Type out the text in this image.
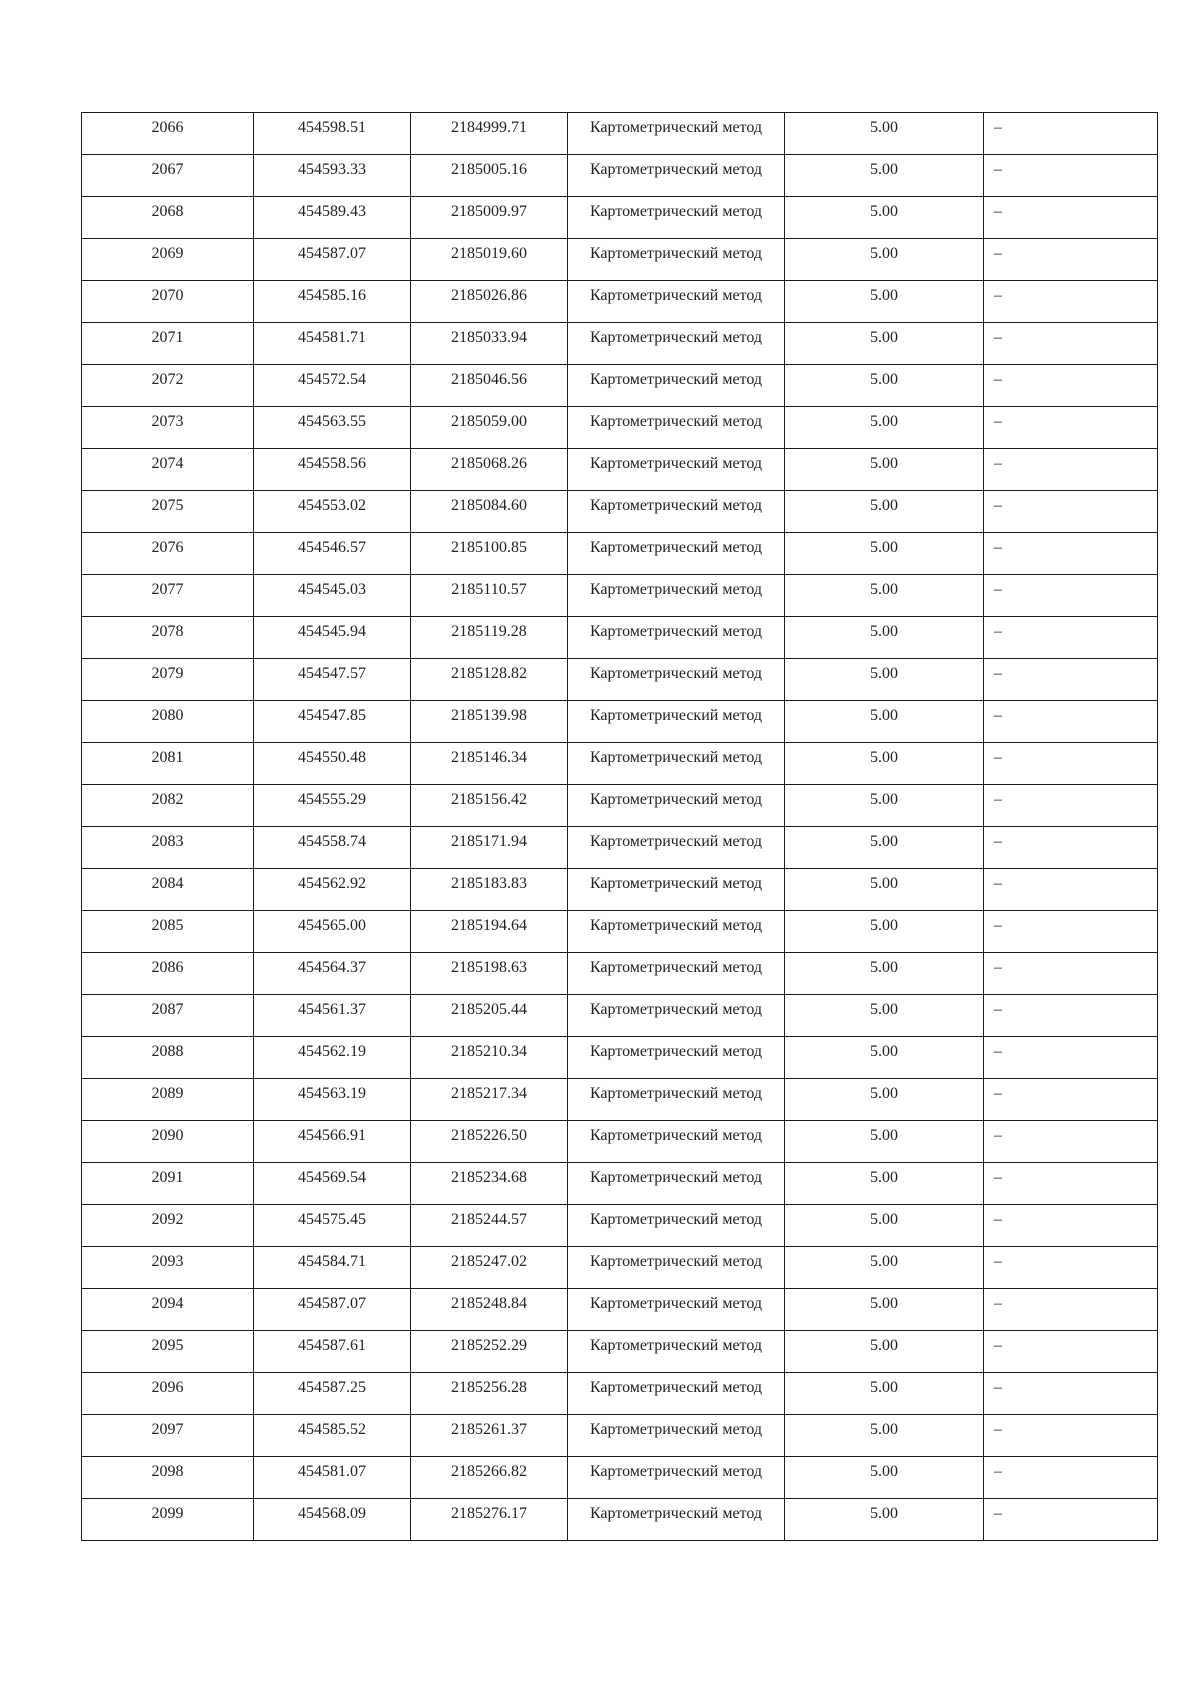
2066	454598.51	2184999.71	Картометрический метод	5.00	–

2067	454593.33	2185005.16	Картометрический метод	5.00	–

2068	454589.43	2185009.97	Картометрический метод	5.00	–

2069	454587.07	2185019.60	Картометрический метод	5.00	–

2070	454585.16	2185026.86	Картометрический метод	5.00	–

2071	454581.71	2185033.94	Картометрический метод	5.00	–

2072	454572.54	2185046.56	Картометрический метод	5.00	–

2073	454563.55	2185059.00	Картометрический метод	5.00	–

2074	454558.56	2185068.26	Картометрический метод	5.00	–

2075	454553.02	2185084.60	Картометрический метод	5.00	–

2076	454546.57	2185100.85	Картометрический метод	5.00	–

2077	454545.03	2185110.57	Картометрический метод	5.00	–

2078	454545.94	2185119.28	Картометрический метод	5.00	–

2079	454547.57	2185128.82	Картометрический метод	5.00	–

2080	454547.85	2185139.98	Картометрический метод	5.00	–

2081	454550.48	2185146.34	Картометрический метод	5.00	–

2082	454555.29	2185156.42	Картометрический метод	5.00	–

2083	454558.74	2185171.94	Картометрический метод	5.00	–

2084	454562.92	2185183.83	Картометрический метод	5.00	–

2085	454565.00	2185194.64	Картометрический метод	5.00	–

2086	454564.37	2185198.63	Картометрический метод	5.00	–

2087	454561.37	2185205.44	Картометрический метод	5.00	–

2088	454562.19	2185210.34	Картометрический метод	5.00	–

2089	454563.19	2185217.34	Картометрический метод	5.00	–

2090	454566.91	2185226.50	Картометрический метод	5.00	–

2091	454569.54	2185234.68	Картометрический метод	5.00	–

2092	454575.45	2185244.57	Картометрический метод	5.00	–

2093	454584.71	2185247.02	Картометрический метод	5.00	–

2094	454587.07	2185248.84	Картометрический метод	5.00	–

2095	454587.61	2185252.29	Картометрический метод	5.00	–

2096	454587.25	2185256.28	Картометрический метод	5.00	–

2097	454585.52	2185261.37	Картометрический метод	5.00	–

2098	454581.07	2185266.82	Картометрический метод	5.00	–

2099	454568.09	2185276.17	Картометрический метод	5.00	–
